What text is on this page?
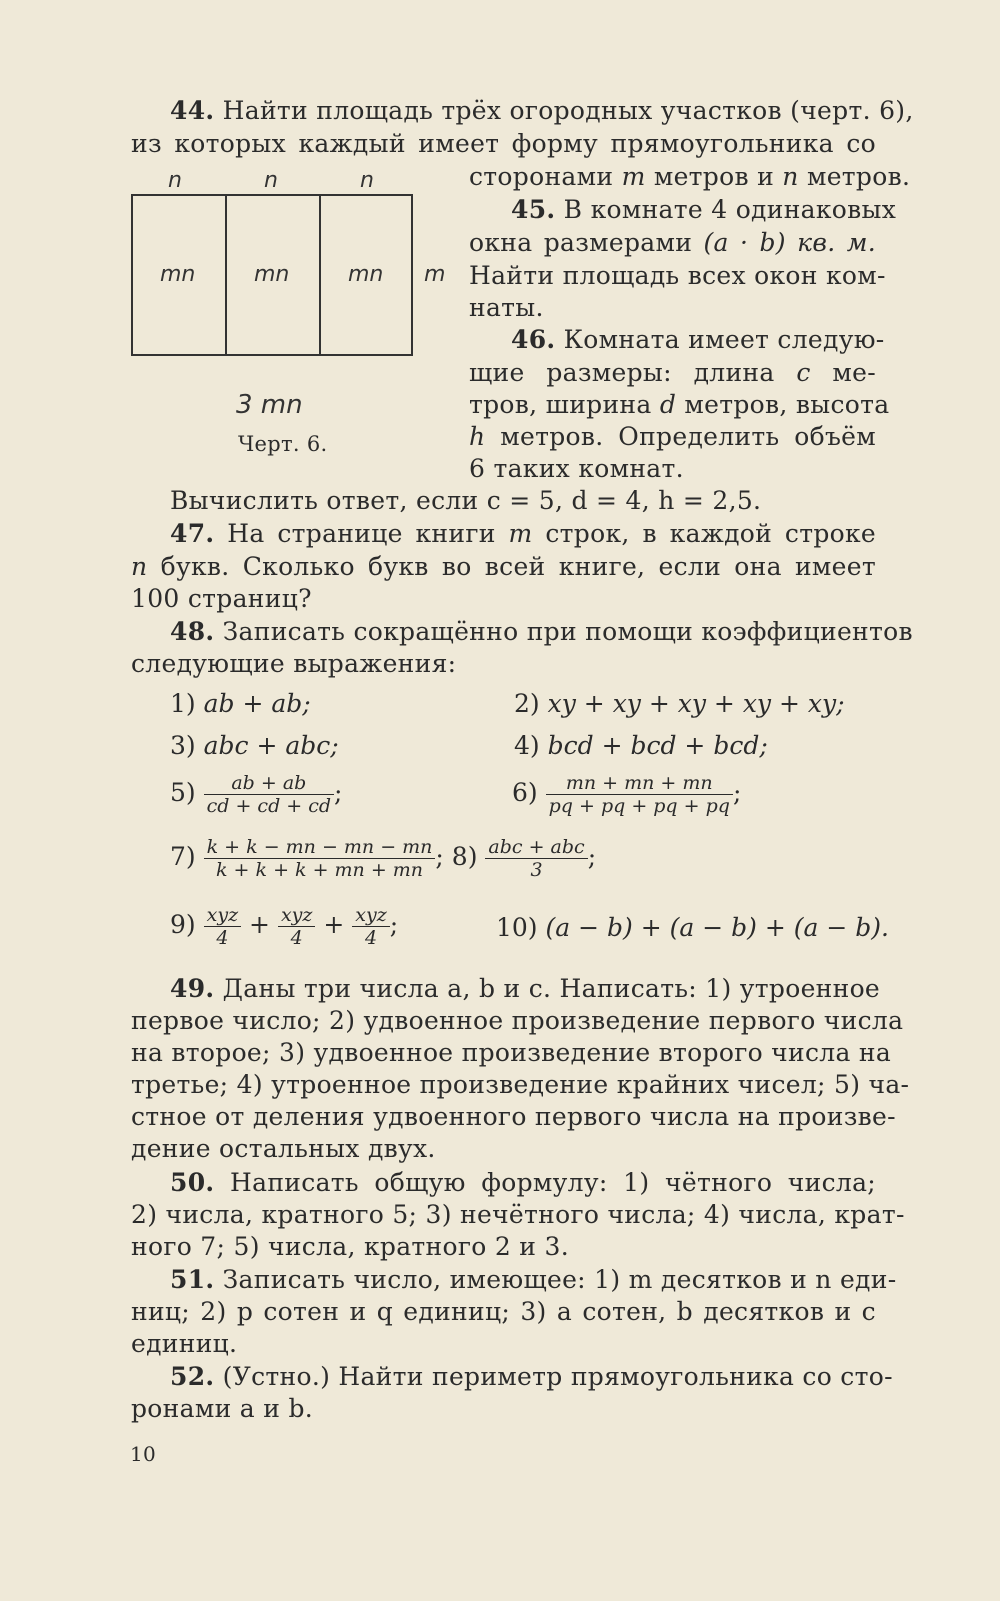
44. Найти площадь трёх огородных участков (черт. 6),
из которых каждый имеет форму прямоугольника со
сторонами m метров и n метров.
n	n	n
mn	mn	mn m
3 mn
Черт. 6.
45. В комнате 4 одинаковых
окна размерами (a · b) кв. м.
Найти площадь всех окон ком-
наты.
46. Комната имеет следую-
щие размеры: длина c ме-
тров, ширина d метров, высота
h метров. Определить объём
6 таких комнат.
Вычислить ответ, если c = 5, d = 4, h = 2,5.
47. На странице книги m строк, в каждой строке
n букв. Сколько букв во всей книге, если она имеет
100 страниц?
48. Записать сокращённо при помощи коэффициентов
следующие выражения:
1) ab + ab;	2) xy + xy + xy + xy + xy;
3) abc + abc;	4) bcd + bcd + bcd;
$5) \frac{ab + ab}{cd + cd + cd}$ ;	$6) \frac{mn + mn + mn}{pq + pq + pq + pq}$ ;
$7) \frac{k + k - mn - mn - mn}{k + k + k + mn + mn}$ ; $8) \frac{\text{abc + abc}}{3}$ ;
$9) \frac{\text{xyz}}{4} + \frac{\text{xyz}}{4} + \frac{\text{xyz}}{4}$ ;	10) (a − b) + (a − b) + (a − b).
49. Даны три числа a, b и c. Написать: 1) утроенное
первое число; 2) удвоенное произведение первого числа
на второе; 3) удвоенное произведение второго числа на
третье; 4) утроенное произведение крайних чисел; 5) ча-
стное от деления удвоенного первого числа на произве-
дение остальных двух.
50. Написать общую формулу: 1) чётного числа;
2) числа, кратного 5; 3) нечётного числа; 4) числа, крат-
ного 7; 5) числа, кратного 2 и 3.
51. Записать число, имеющее: 1) m десятков и n еди-
ниц; 2) p сотен и q единиц; 3) a сотен, b десятков и c
единиц.
52. (Устно.) Найти периметр прямоугольника со сто-
ронами a и b.
10
